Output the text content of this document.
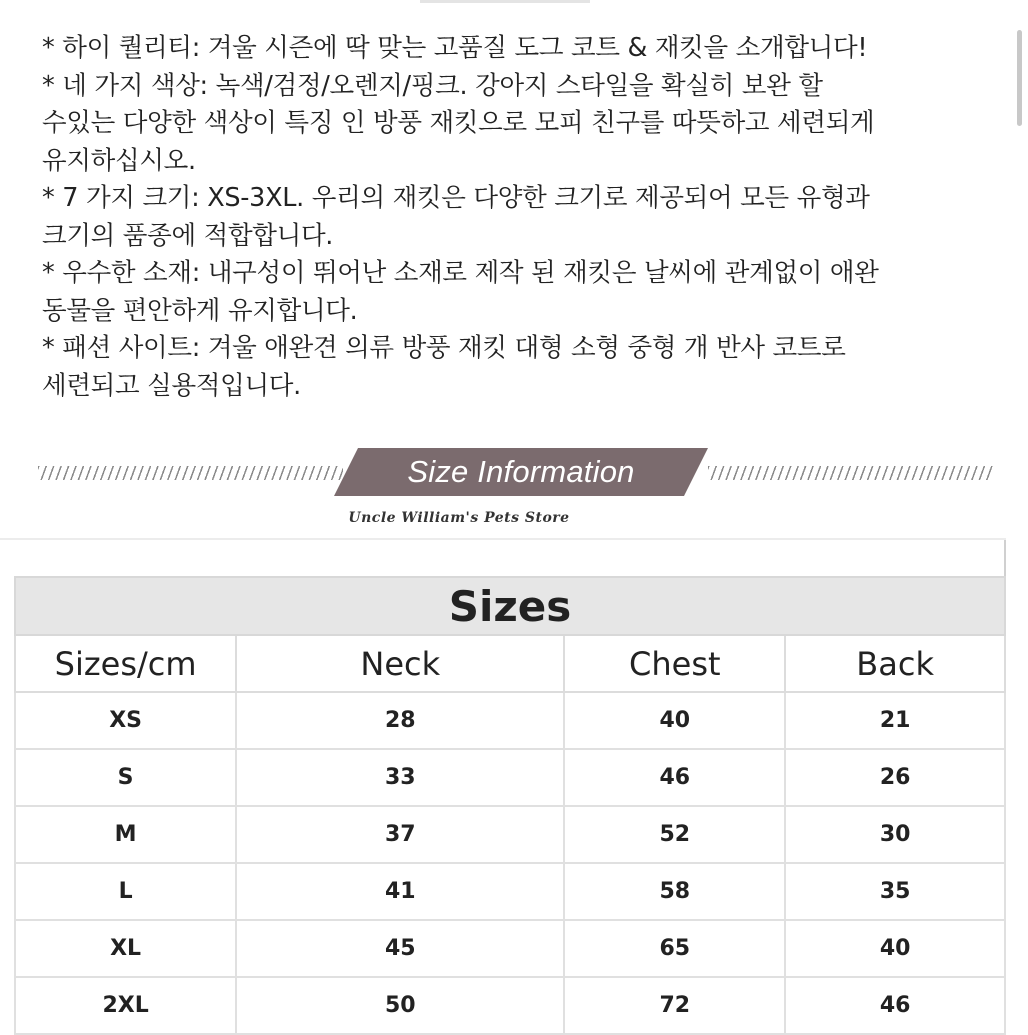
* 하이 퀄리티: 겨울 시즌에 딱 맞는 고품질 도그 코트 & 재킷을 소개합니다!

* 네 가지 색상: 녹색/검정/오렌지/핑크. 강아지 스타일을 확실히 보완 할

수있는 다양한 색상이 특징 인 방풍 재킷으로 모피 친구를 따뜻하고 세련되게

유지하십시오.

* 7 가지 크기: XS-3XL. 우리의 재킷은 다양한 크기로 제공되어 모든 유형과

크기의 품종에 적합합니다.

* 우수한 소재: 내구성이 뛰어난 소재로 제작 된 재킷은 날씨에 관계없이 애완

동물을 편안하게 유지합니다.

* 패션 사이트: 겨울 애완견 의류 방풍 재킷 대형 소형 중형 개 반사 코트로

세련되고 실용적입니다.

Size Information
Uncle William's Pets Store
Sizes			
Sizes/cm	Neck	Chest	Back
XS	28	40	21
S	33	46	26
M	37	52	30
L	41	58	35
XL	45	65	40
2XL	50	72	46
